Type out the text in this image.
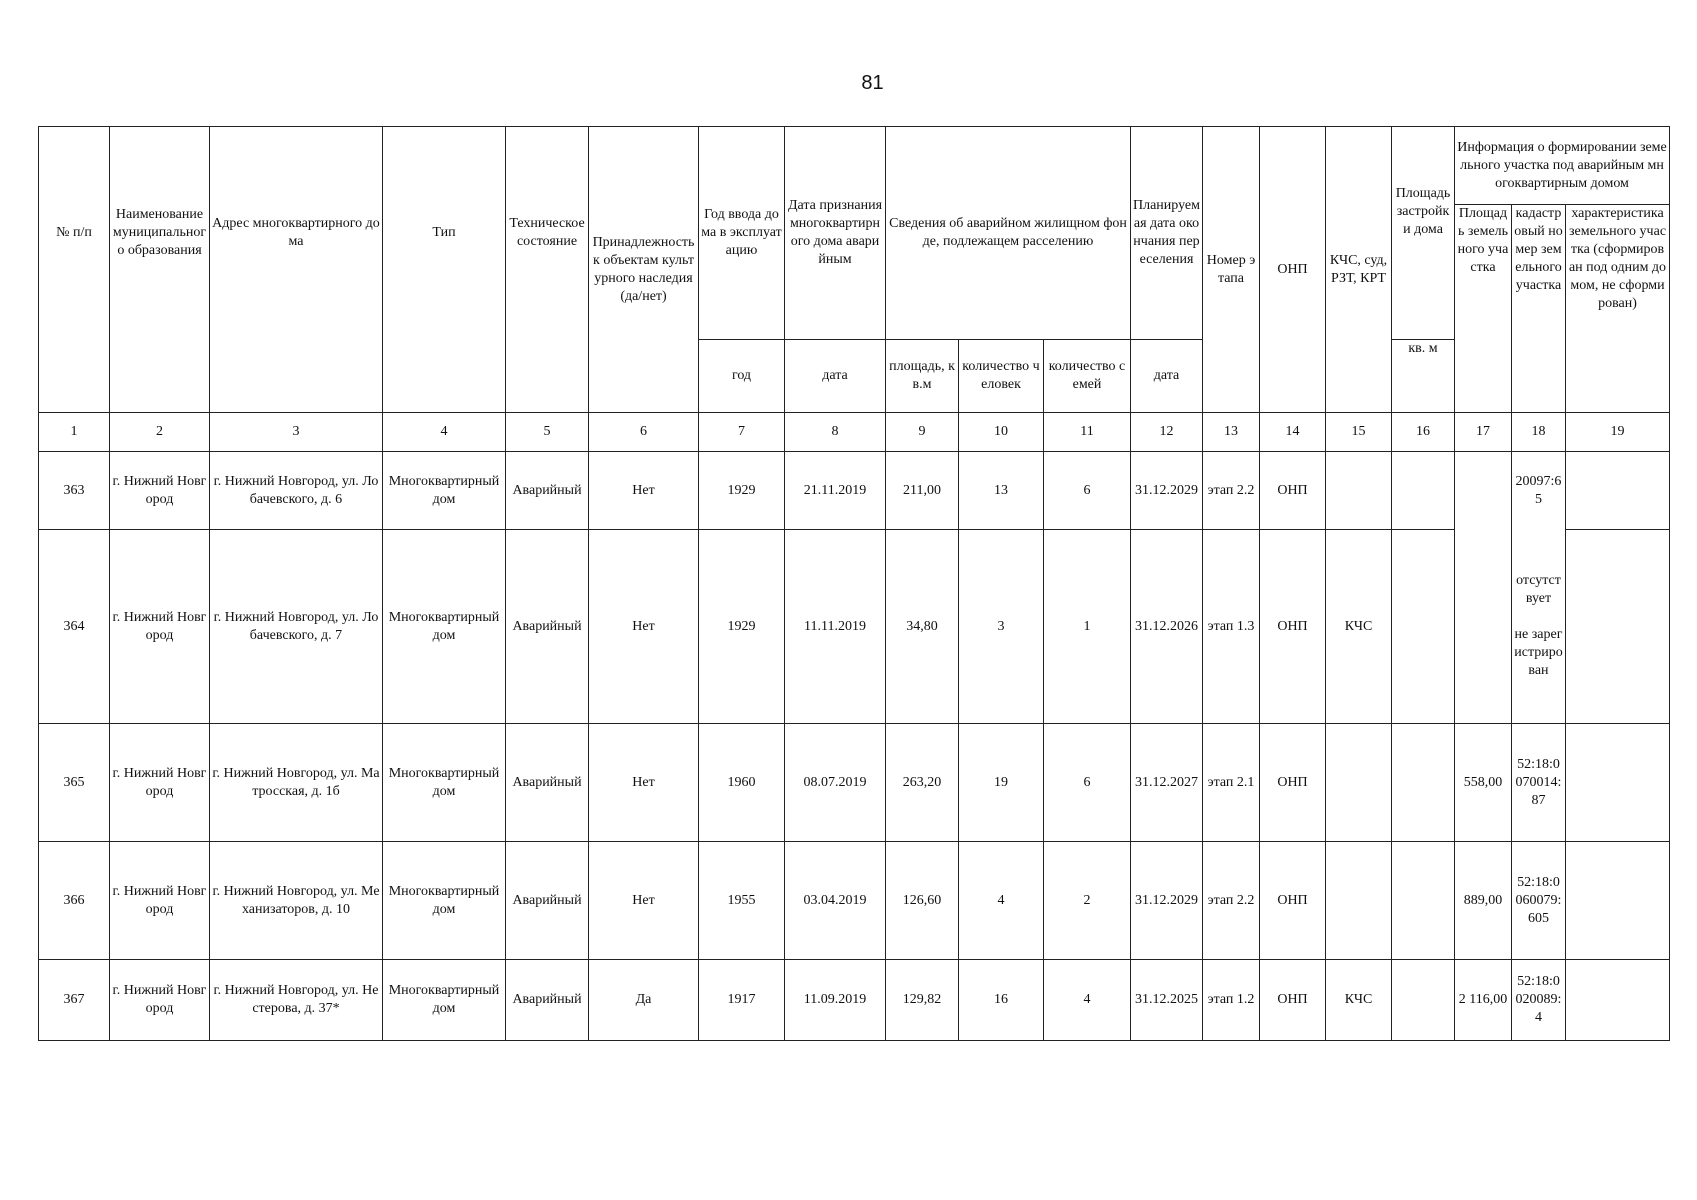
81
№ п/п	Наименование муниципального образования	Адрес многоквартирного дома	Тип	Техническое состояние	Принадлежность к объектам культурного наследия (да/нет)	Год ввода дома в эксплуатацию	Дата признания многоквартирного дома аварийным	Сведения об аварийном жилищном фонде, подлежащем расселению			Планируемая дата окончания переселения	Номер этапа	ОНП	КЧС, суд, РЗТ, КРТ	Площадь застройки дома	Информация о формировании земельного участка под аварийным многоквартирным домом		
																Площадь земельного участка	кадастровый номер земельного участка	характеристика земельного участка (сформирован под одним домом, не сформирован)
						год	дата	площадь, кв.м	количество человек	количество семей	дата				кв. м			
1	2	3	4	5	6	7	8	9	10	11	12	13	14	15	16	17	18	19
363	г. Нижний Новгород	г. Нижний Новгород, ул. Лобачевского, д. 6	Многоквартирный дом	Аварийный	Нет	1929	21.11.2019	211,00	13	6	31.12.2029	этап 2.2	ОНП				20097:65	
364	г. Нижний Новгород	г. Нижний Новгород, ул. Лобачевского, д. 7	Многоквартирный дом	Аварийный	Нет	1929	11.11.2019	34,80	3	1	31.12.2026	этап 1.3	ОНП	КЧС			отсутствует
не зарегистрирован	
365	г. Нижний Новгород	г. Нижний Новгород, ул. Матросская, д. 1б	Многоквартирный дом	Аварийный	Нет	1960	08.07.2019	263,20	19	6	31.12.2027	этап 2.1	ОНП			558,00	52:18:0070014:87	
366	г. Нижний Новгород	г. Нижний Новгород, ул. Механизаторов, д. 10	Многоквартирный дом	Аварийный	Нет	1955	03.04.2019	126,60	4	2	31.12.2029	этап 2.2	ОНП			889,00	52:18:0060079:605	
367	г. Нижний Новгород	г. Нижний Новгород, ул. Нестерова, д. 37*	Многоквартирный дом	Аварийный	Да	1917	11.09.2019	129,82	16	4	31.12.2025	этап 1.2	ОНП	КЧС		2 116,00	52:18:0020089:4	
